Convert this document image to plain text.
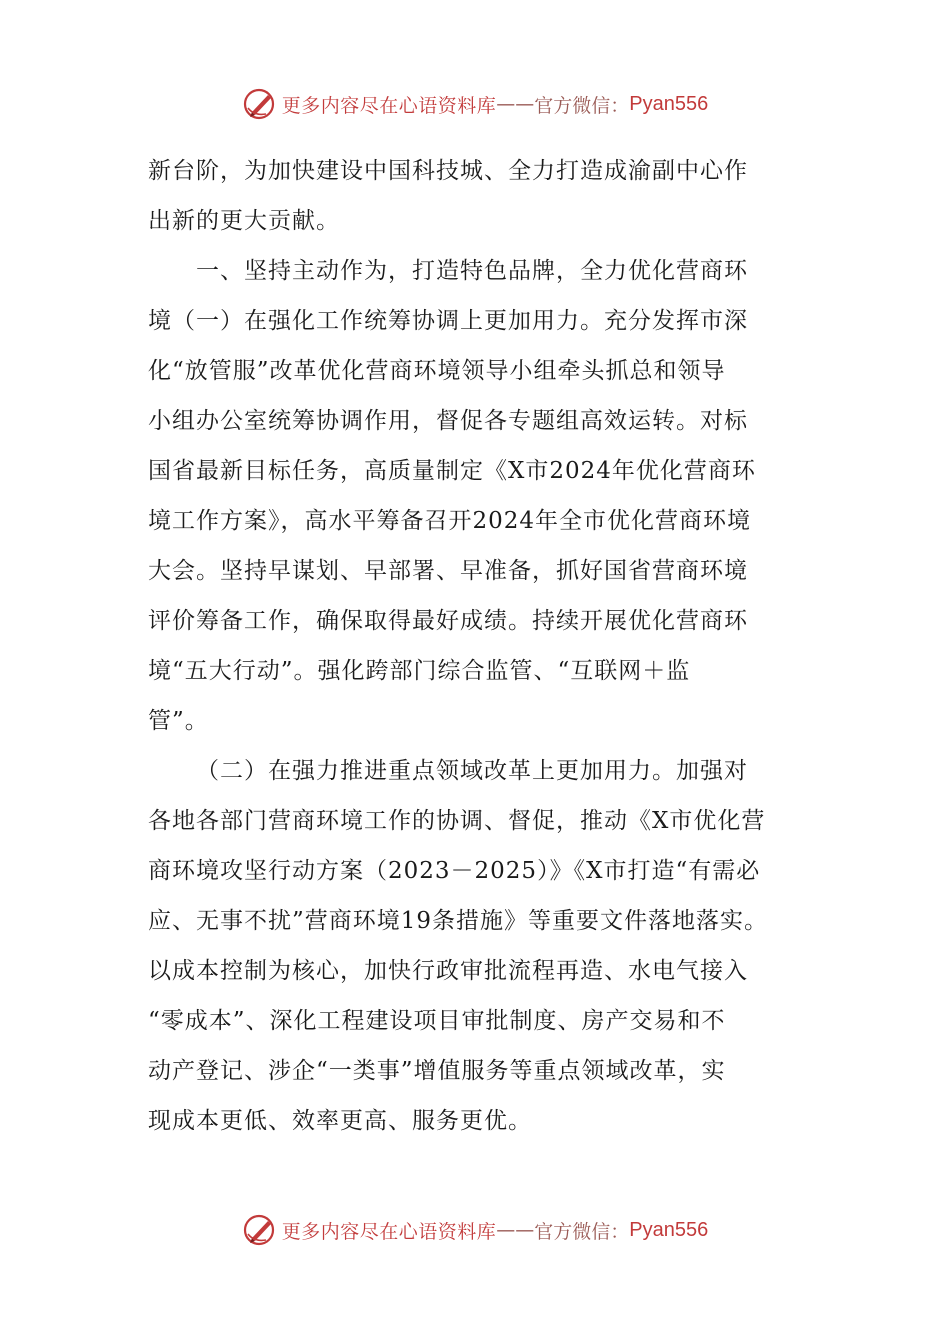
更多内容尽在心语资料库 —— 官方微信： Pyan556
新台阶，为加快建设中国科技城、全力打造成渝副中心作
出新的更大贡献。
一、坚持主动作为，打造特色品牌，全力优化营商环
境（一）在强化工作统筹协调上更加用力。充分发挥市深
化“放管服”改革优化营商环境领导小组牵头抓总和领导
小组办公室统筹协调作用，督促各专题组高效运转。对标
国省最新目标任务，高质量制定《X市2024年优化营商环
境工作方案》，高水平筹备召开2024年全市优化营商环境
大会。坚持早谋划、早部署、早准备，抓好国省营商环境
评价筹备工作，确保取得最好成绩。持续开展优化营商环
境“五大行动”。强化跨部门综合监管、“互联网＋监
管”。
（二）在强力推进重点领域改革上更加用力。加强对
各地各部门营商环境工作的协调、督促，推动《X市优化营
商环境攻坚行动方案（2023－2025）》《X市打造“有需必
应、无事不扰”营商环境19条措施》等重要文件落地落实。
以成本控制为核心，加快行政审批流程再造、水电气接入
“零成本”、深化工程建设项目审批制度、房产交易和不
动产登记、涉企“一类事”增值服务等重点领域改革，实
现成本更低、效率更高、服务更优。
更多内容尽在心语资料库 —— 官方微信： Pyan556
